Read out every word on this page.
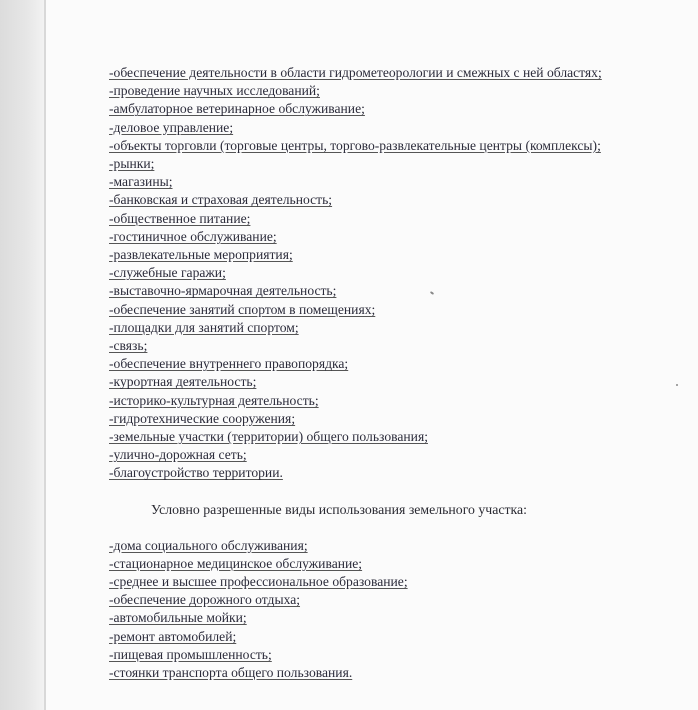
-обеспечение деятельности в области гидрометеорологии и смежных с ней областях;

-проведение научных исследований;

-амбулаторное ветеринарное обслуживание;

-деловое управление;

-объекты торговли (торговые центры, торгово-развлекательные центры (комплексы);

-рынки;

-магазины;

-банковская и страховая деятельность;

-общественное питание;

-гостиничное обслуживание;

-развлекательные мероприятия;

-служебные гаражи;

-выставочно-ярмарочная деятельность;

-обеспечение занятий спортом в помещениях;

-площадки для занятий спортом;

-связь;

-обеспечение внутреннего правопорядка;

-курортная деятельность;

-историко-культурная деятельность;

-гидротехнические сооружения;

-земельные участки (территории) общего пользования;

-улично-дорожная сеть;

-благоустройство территории.

Условно разрешенные виды использования земельного участка:

-дома социального обслуживания;

-стационарное медицинское обслуживание;

-среднее и высшее профессиональное образование;

-обеспечение дорожного отдыха;

-автомобильные мойки;

-ремонт автомобилей;

-пищевая промышленность;

-стоянки транспорта общего пользования.
